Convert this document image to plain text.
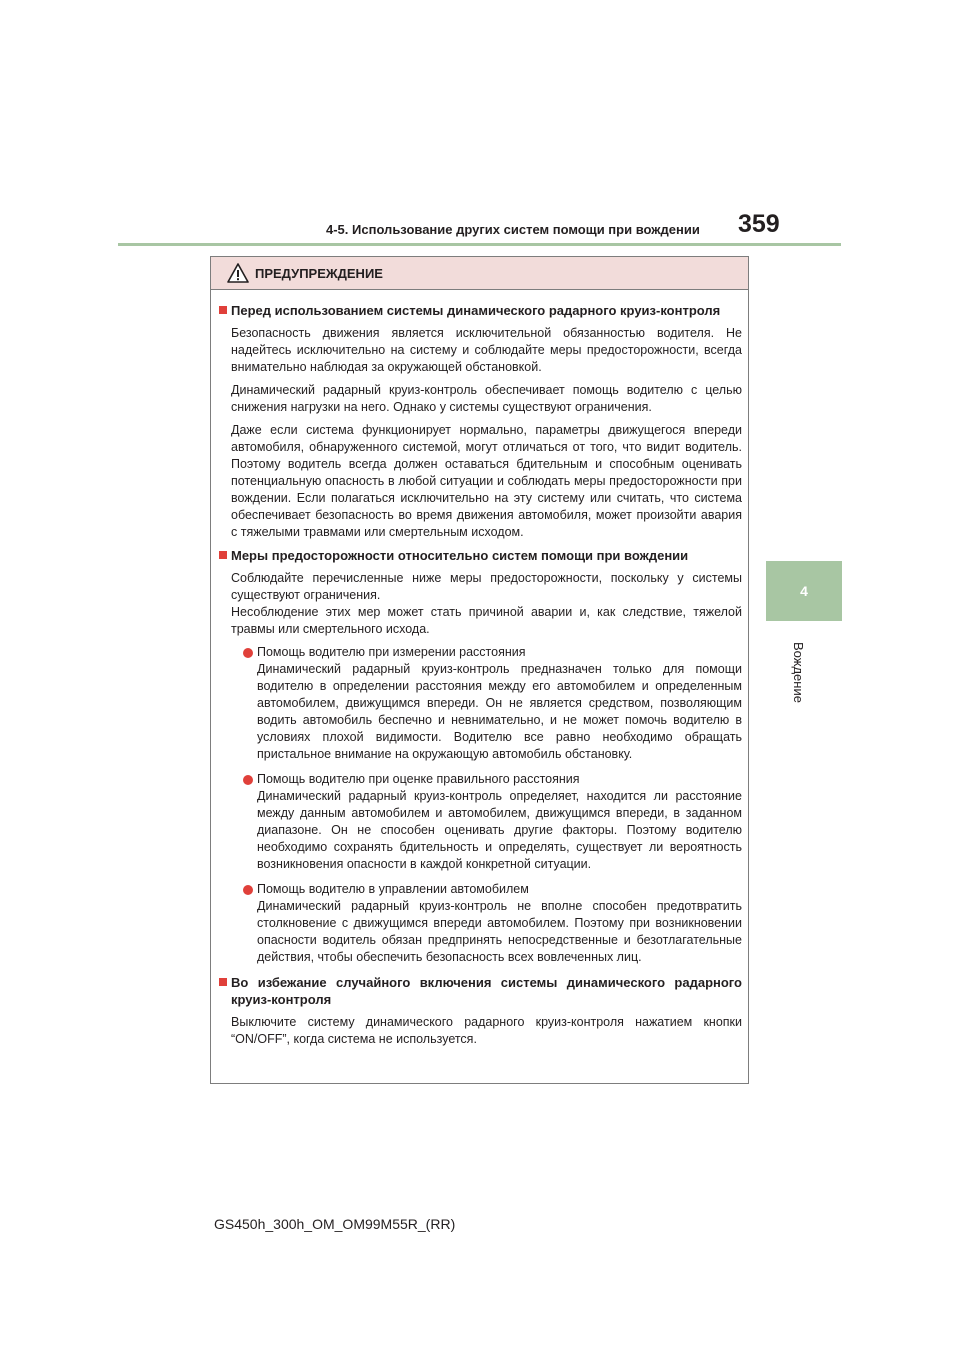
4-5. Использование других систем помощи при вождении 359
4
Вождение
ПРЕДУПРЕЖДЕНИЕ
Перед использованием системы динамического радарного круиз-контроля

Безопасность движения является исключительной обязанностью водителя. Не надейтесь исключительно на систему и соблюдайте меры предосторожности, всегда внимательно наблюдая за окружающей обстановкой.

Динамический радарный круиз-контроль обеспечивает помощь водителю с целью снижения нагрузки на него. Однако у системы существуют ограничения.

Даже если система функционирует нормально, параметры движущегося впереди автомобиля, обнаруженного системой, могут отличаться от того, что видит водитель. Поэтому водитель всегда должен оставаться бдительным и способным оценивать потенциальную опасность в любой ситуации и соблюдать меры предосторожности при вождении. Если полагаться исключительно на эту систему или считать, что система обеспечивает безопасность во время движения автомобиля, может произойти авария с тяжелыми травмами или смертельным исходом.

Меры предосторожности относительно систем помощи при вождении

Соблюдайте перечисленные ниже меры предосторожности, поскольку у системы существуют ограничения.

Несоблюдение этих мер может стать причиной аварии и, как следствие, тяжелой травмы или смертельного исхода.

Помощь водителю при измерении расстояния
Динамический радарный круиз-контроль предназначен только для помощи водителю в определении расстояния между его автомобилем и определенным автомобилем, движущимся впереди. Он не является средством, позволяющим водить автомобиль беспечно и невнимательно, и не может помочь водителю в условиях плохой видимости. Водителю все равно необходимо обращать пристальное внимание на окружающую автомобиль обстановку.
Помощь водителю при оценке правильного расстояния
Динамический радарный круиз-контроль определяет, находится ли расстояние между данным автомобилем и автомобилем, движущимся впереди, в заданном диапазоне. Он не способен оценивать другие факторы. Поэтому водителю необходимо сохранять бдительность и определять, существует ли вероятность возникновения опасности в каждой конкретной ситуации.
Помощь водителю в управлении автомобилем
Динамический радарный круиз-контроль не вполне способен предотвратить столкновение с движущимся впереди автомобилем. Поэтому при возникновении опасности водитель обязан предпринять непосредственные и безотлагательные действия, чтобы обеспечить безопасность всех вовлеченных лиц.
Во избежание случайного включения системы динамического радарного круиз-контроля

Выключите систему динамического радарного круиз-контроля нажатием кнопки “ON/OFF”, когда система не используется.

GS450h_300h_OM_OM99M55R_(RR)
